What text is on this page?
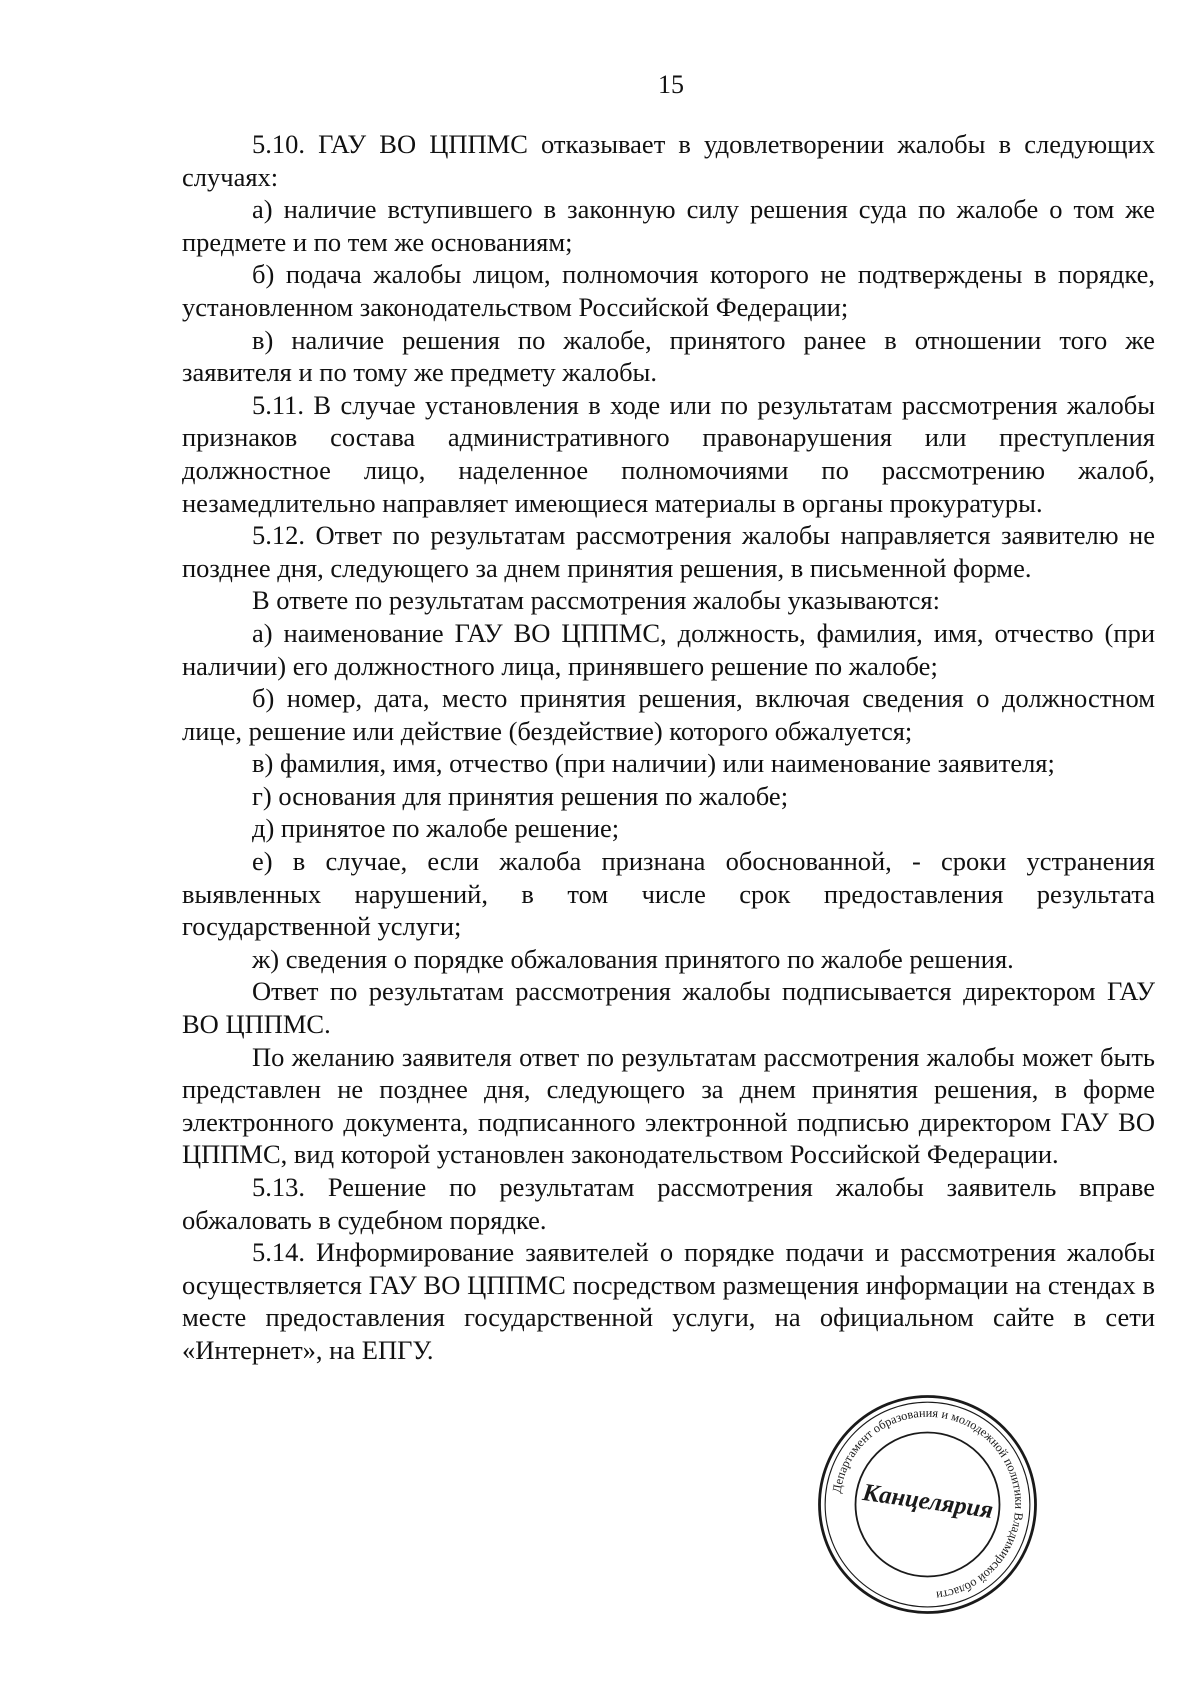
15

5.10. ГАУ ВО ЦППМС отказывает в удовлетворении жалобы в следующих случаях:

а) наличие вступившего в законную силу решения суда по жалобе о том же предмете и по тем же основаниям;

б) подача жалобы лицом, полномочия которого не подтверждены в порядке, установленном законодательством Российской Федерации;

в) наличие решения по жалобе, принятого ранее в отношении того же заявителя и по тому же предмету жалобы.

5.11. В случае установления в ходе или по результатам рассмотрения жалобы признаков состава административного правонарушения или преступления должностное лицо, наделенное полномочиями по рассмотрению жалоб, незамедлительно направляет имеющиеся материалы в органы прокуратуры.

5.12. Ответ по результатам рассмотрения жалобы направляется заявителю не позднее дня, следующего за днем принятия решения, в письменной форме.

В ответе по результатам рассмотрения жалобы указываются:

а) наименование ГАУ ВО ЦППМС, должность, фамилия, имя, отчество (при наличии) его должностного лица, принявшего решение по жалобе;

б) номер, дата, место принятия решения, включая сведения о должностном лице, решение или действие (бездействие) которого обжалуется;

в) фамилия, имя, отчество (при наличии) или наименование заявителя;

г) основания для принятия решения по жалобе;

д) принятое по жалобе решение;

е) в случае, если жалоба признана обоснованной, - сроки устранения выявленных нарушений, в том числе срок предоставления результата государственной услуги;

ж) сведения о порядке обжалования принятого по жалобе решения.

Ответ по результатам рассмотрения жалобы подписывается директором ГАУ ВО ЦППМС.

По желанию заявителя ответ по результатам рассмотрения жалобы может быть представлен не позднее дня, следующего за днем принятия решения, в форме электронного документа, подписанного электронной подписью директором ГАУ ВО ЦППМС, вид которой установлен законодательством Российской Федерации.

5.13. Решение по результатам рассмотрения жалобы заявитель вправе обжаловать в судебном порядке.

5.14. Информирование заявителей о порядке подачи и рассмотрения жалобы осуществляется ГАУ ВО ЦППМС посредством размещения информации на стендах в месте предоставления государственной услуги, на официальном сайте в сети «Интернет», на ЕПГУ.

Департамент образования и молодежной политики Владимирской области
Канцелярия
